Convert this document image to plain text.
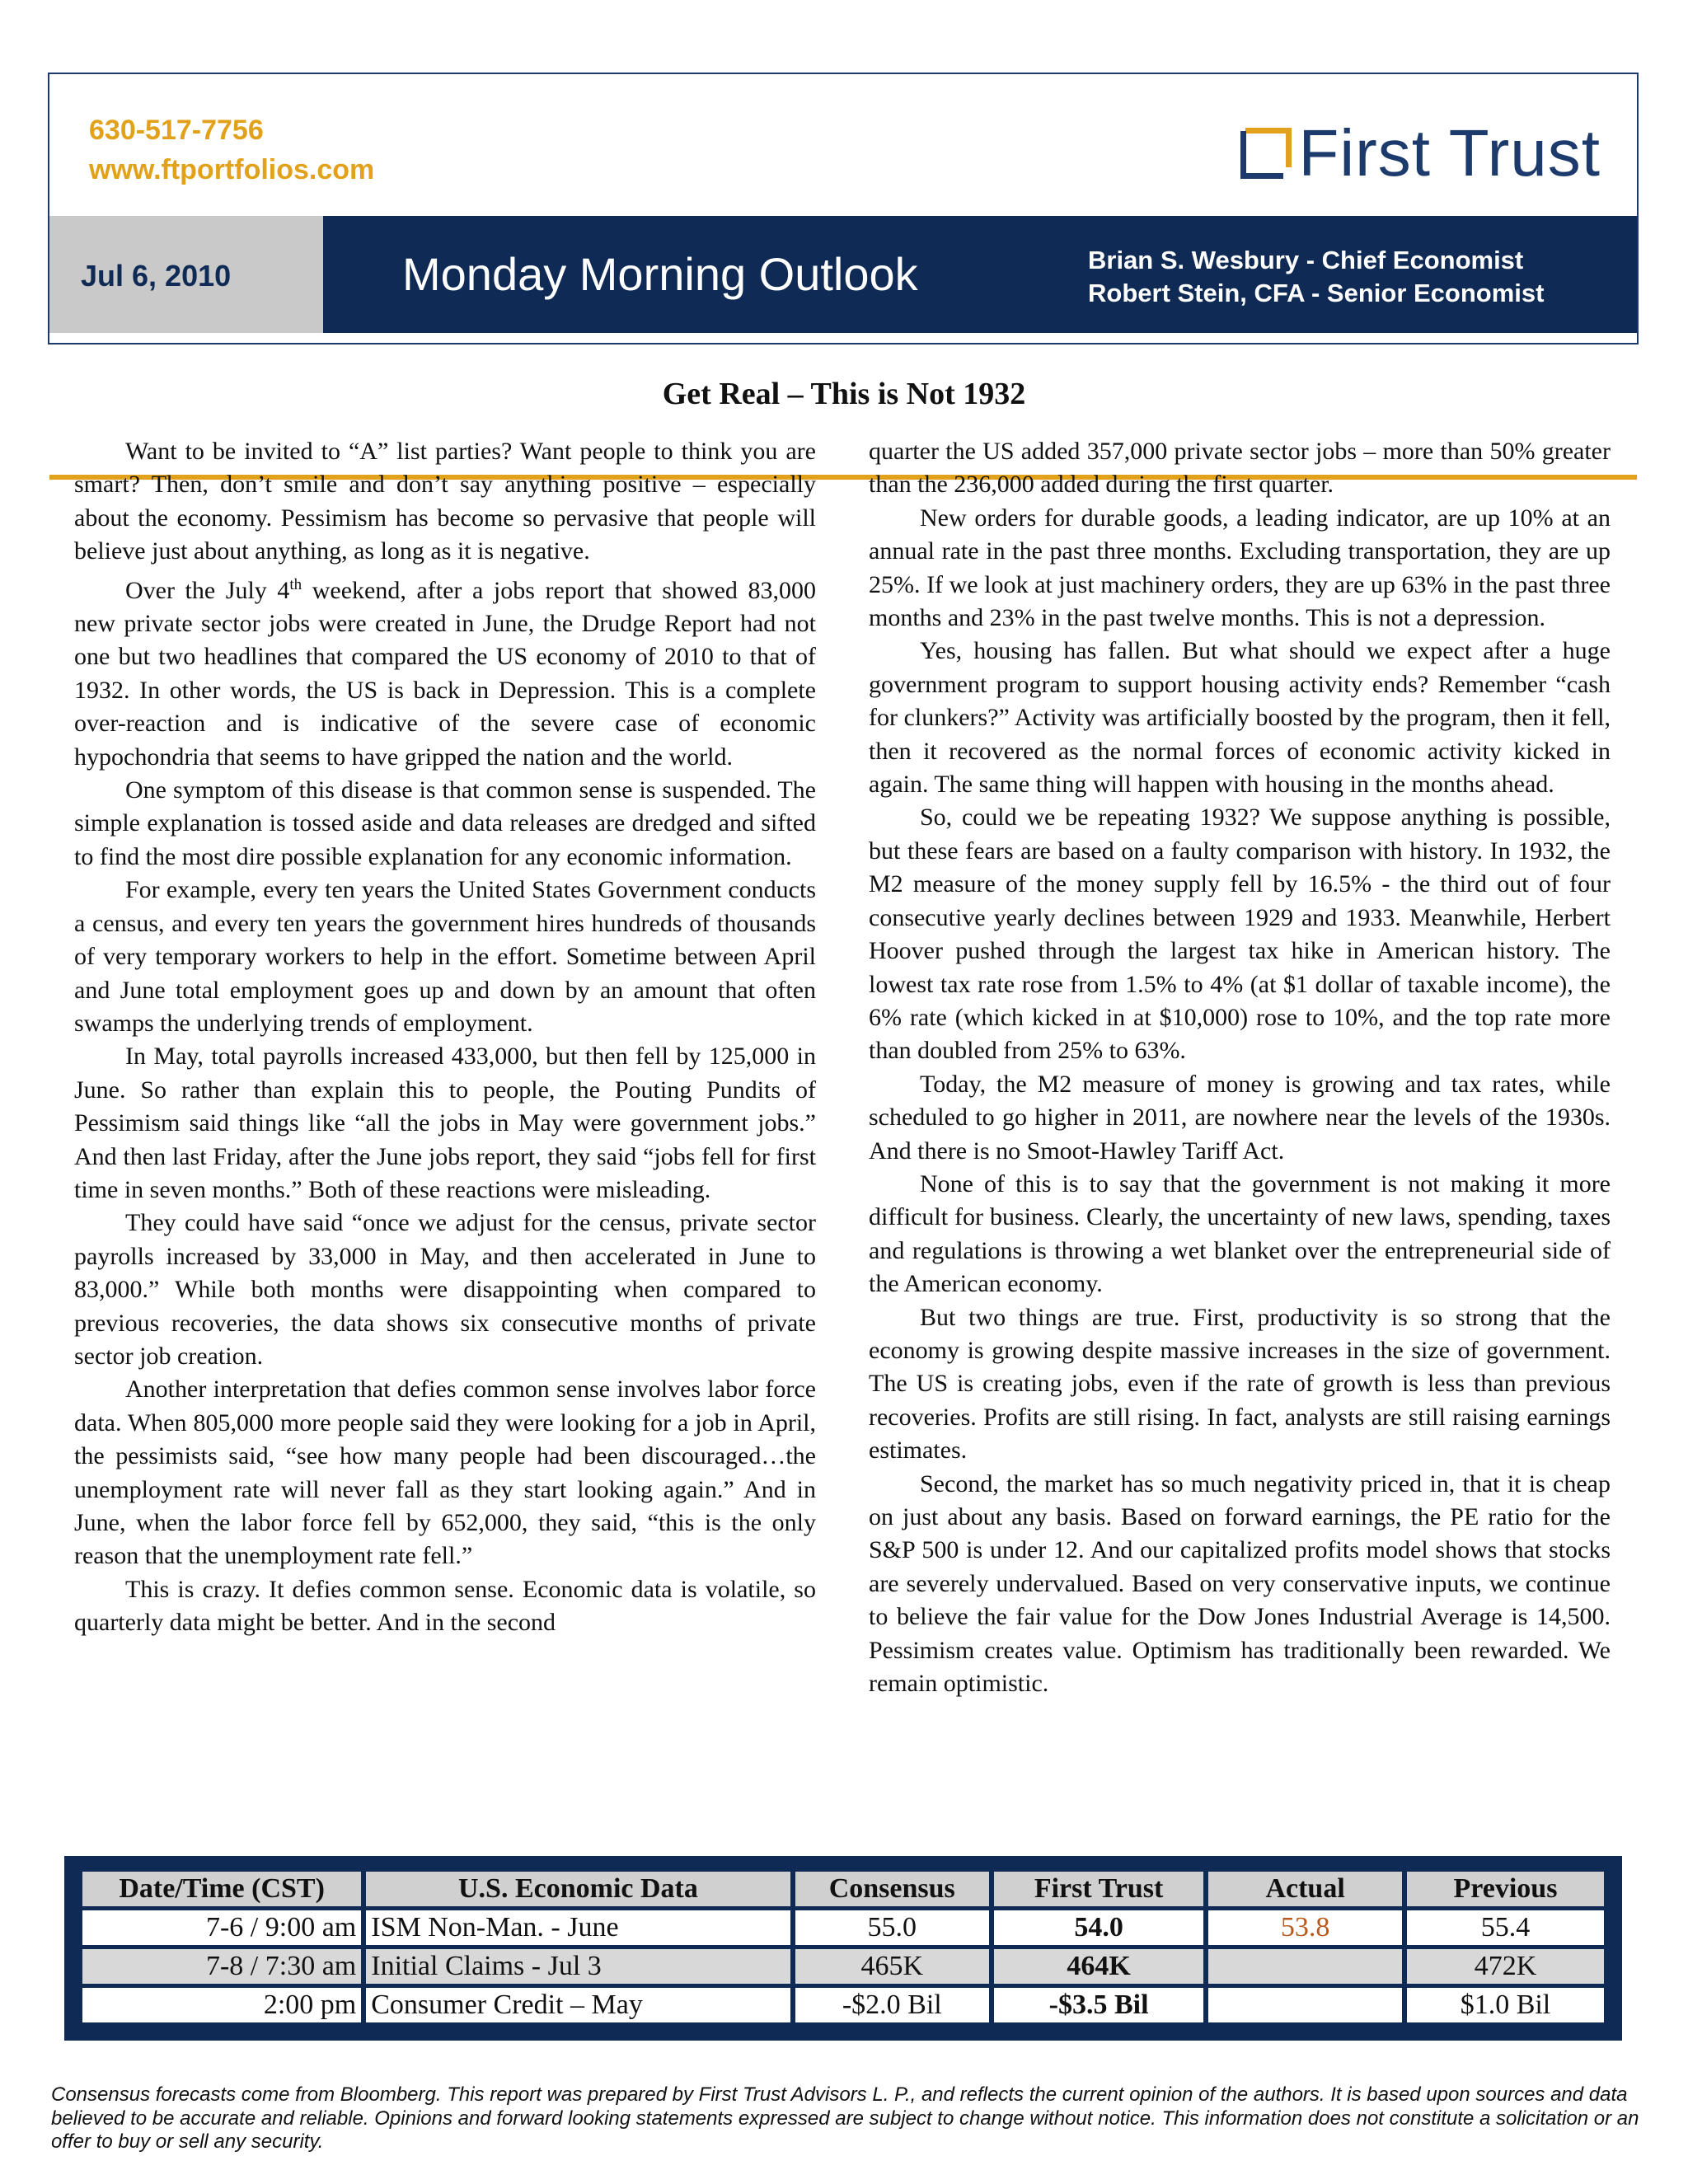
630-517-7756
www.ftportfolios.com	First Trust
Jul 6, 2010	Monday Morning Outlook	Brian S. Wesbury - Chief Economist
Robert Stein, CFA - Senior Economist
Get Real – This is Not 1932

Want to be invited to “A” list parties? Want people to think you are smart? Then, don’t smile and don’t say anything positive – especially about the economy. Pessimism has become so pervasive that people will believe just about anything, as long as it is negative.

Over the July 4th weekend, after a jobs report that showed 83,000 new private sector jobs were created in June, the Drudge Report had not one but two headlines that compared the US economy of 2010 to that of 1932. In other words, the US is back in Depression. This is a complete over-reaction and is indicative of the severe case of economic hypochondria that seems to have gripped the nation and the world.

One symptom of this disease is that common sense is suspended. The simple explanation is tossed aside and data releases are dredged and sifted to find the most dire possible explanation for any economic information.

For example, every ten years the United States Government conducts a census, and every ten years the government hires hundreds of thousands of very temporary workers to help in the effort. Sometime between April and June total employment goes up and down by an amount that often swamps the underlying trends of employment.

In May, total payrolls increased 433,000, but then fell by 125,000 in June. So rather than explain this to people, the Pouting Pundits of Pessimism said things like “all the jobs in May were government jobs.” And then last Friday, after the June jobs report, they said “jobs fell for first time in seven months.” Both of these reactions were misleading.

They could have said “once we adjust for the census, private sector payrolls increased by 33,000 in May, and then accelerated in June to 83,000.” While both months were disappointing when compared to previous recoveries, the data shows six consecutive months of private sector job creation.

Another interpretation that defies common sense involves labor force data. When 805,000 more people said they were looking for a job in April, the pessimists said, “see how many people had been discouraged…the unemployment rate will never fall as they start looking again.” And in June, when the labor force fell by 652,000, they said, “this is the only reason that the unemployment rate fell.”

This is crazy. It defies common sense. Economic data is volatile, so quarterly data might be better. And in the second

quarter the US added 357,000 private sector jobs – more than 50% greater than the 236,000 added during the first quarter.

New orders for durable goods, a leading indicator, are up 10% at an annual rate in the past three months. Excluding transportation, they are up 25%. If we look at just machinery orders, they are up 63% in the past three months and 23% in the past twelve months. This is not a depression.

Yes, housing has fallen. But what should we expect after a huge government program to support housing activity ends? Remember “cash for clunkers?” Activity was artificially boosted by the program, then it fell, then it recovered as the normal forces of economic activity kicked in again. The same thing will happen with housing in the months ahead.

So, could we be repeating 1932? We suppose anything is possible, but these fears are based on a faulty comparison with history. In 1932, the M2 measure of the money supply fell by 16.5% - the third out of four consecutive yearly declines between 1929 and 1933. Meanwhile, Herbert Hoover pushed through the largest tax hike in American history. The lowest tax rate rose from 1.5% to 4% (at $1 dollar of taxable income), the 6% rate (which kicked in at $10,000) rose to 10%, and the top rate more than doubled from 25% to 63%.

Today, the M2 measure of money is growing and tax rates, while scheduled to go higher in 2011, are nowhere near the levels of the 1930s. And there is no Smoot-Hawley Tariff Act.

None of this is to say that the government is not making it more difficult for business. Clearly, the uncertainty of new laws, spending, taxes and regulations is throwing a wet blanket over the entrepreneurial side of the American economy.

But two things are true. First, productivity is so strong that the economy is growing despite massive increases in the size of government. The US is creating jobs, even if the rate of growth is less than previous recoveries. Profits are still rising. In fact, analysts are still raising earnings estimates.

Second, the market has so much negativity priced in, that it is cheap on just about any basis. Based on forward earnings, the PE ratio for the S&P 500 is under 12. And our capitalized profits model shows that stocks are severely undervalued. Based on very conservative inputs, we continue to believe the fair value for the Dow Jones Industrial Average is 14,500. Pessimism creates value. Optimism has traditionally been rewarded. We remain optimistic.

Date/Time (CST)	U.S. Economic Data	Consensus	First Trust	Actual	Previous
7-6 / 9:00 am	ISM Non-Man. - June	55.0	54.0	53.8	55.4
7-8 / 7:30 am	Initial Claims - Jul 3	465K	464K		472K
2:00 pm	Consumer Credit – May	-$2.0 Bil	-$3.5 Bil		$1.0 Bil
Consensus forecasts come from Bloomberg. This report was prepared by First Trust Advisors L. P., and reflects the current opinion of the authors. It is based upon sources and data believed to be accurate and reliable. Opinions and forward looking statements expressed are subject to change without notice. This information does not constitute a solicitation or an offer to buy or sell any security.
